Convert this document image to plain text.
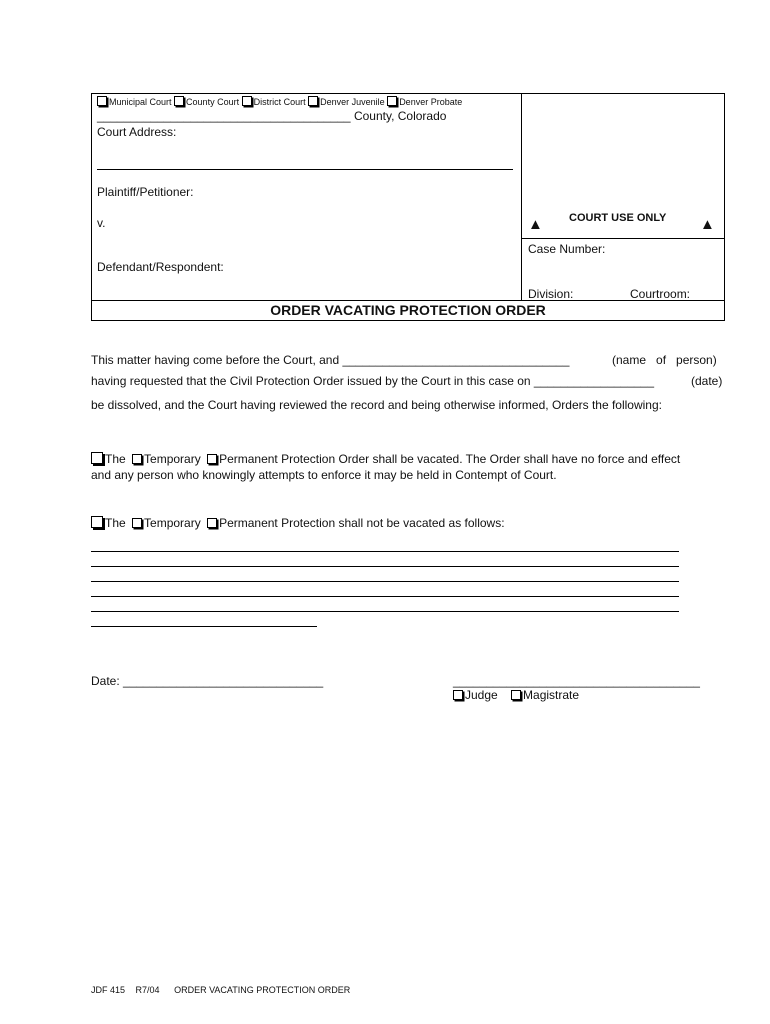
Municipal Court County Court District Court Denver Juvenile Denver Probate
______________________________________ County, Colorado
Court Address:
Plaintiff/Petitioner:
v.
Defendant/Respondent:
▲ COURT USE ONLY ▲
Case Number:
Division:	Courtroom:
ORDER VACATING PROTECTION ORDER
This matter having come before the Court, and __________________________________	(name   of   person)
having requested that the Civil Protection Order issued by the Court in this case on __________________	(date)
be dissolved, and the Court having reviewed the record and being otherwise informed, Orders the following:
The Temporary Permanent Protection Order shall be vacated. The Order shall have no force and effect
and any person who knowingly attempts to enforce it may be held in Contempt of Court.
The Temporary Permanent Protection shall not be vacated as follows:
Date: ______________________________	_____________________________________
Judge Magistrate
JDF 415 R7/04 ORDER VACATING PROTECTION ORDER
